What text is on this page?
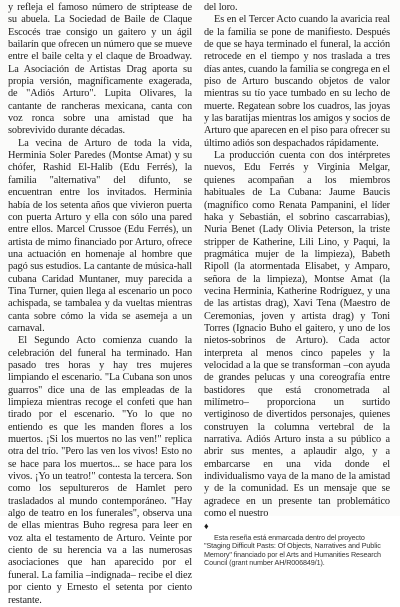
y refleja el famoso número de striptease de su abuela. La Sociedad de Baile de Claque Escocés trae consigo un gaitero y un ágil bailarín que ofrecen un número que se mueve entre el baile celta y el claque de Broadway. La Asociación de Artistas Drag aporta su propia versión, magníficamente exagerada, de "Adiós Arturo". Lupita Olivares, la cantante de rancheras mexicana, canta con voz ronca sobre una amistad que ha sobrevivido durante décadas.

La vecina de Arturo de toda la vida, Herminia Soler Paredes (Montse Amat) y su chófer, Rashid El-Halib (Edu Ferrés), la familia "alternativa" del difunto, se encuentran entre los invitados. Herminia había de los setenta años que vivieron puerta con puerta Arturo y ella con sólo una pared entre ellos. Marcel Crussoe (Edu Ferrés), un artista de mimo financiado por Arturo, ofrece una actuación en homenaje al hombre que pagó sus estudios. La cantante de música-hall cubana Caridad Muntaner, muy parecida a Tina Turner, quien llega al escenario un poco achispada, se tambalea y da vueltas mientras canta sobre cómo la vida se asemeja a un carnaval.

El Segundo Acto comienza cuando la celebración del funeral ha terminado. Han pasado tres horas y hay tres mujeres limpiando el escenario. "La Cubana son unos guarros" dice una de las empleadas de la limpieza mientras recoge el confeti que han tirado por el escenario. "Yo lo que no entiendo es que les manden flores a los muertos. ¡Si los muertos no las ven!" replica otra del trío. "Pero las ven los vivos! Esto no se hace para los muertos... se hace para los vivos. ¡Yo un teatro!" contesta la tercera. Son como los sepultureros de Hamlet pero trasladados al mundo contemporáneo. "Hay algo de teatro en los funerales", observa una de ellas mientras Buho regresa para leer en voz alta el testamento de Arturo. Veinte por ciento de su herencia va a las numerosas asociaciones que han aparecido por el funeral. La familia –indignada– recibe el diez por ciento y Ernesto el setenta por ciento restante.

del loro.

Es en el Tercer Acto cuando la avaricia real de la familia se pone de manifiesto. Después de que se haya terminado el funeral, la acción retrocede en el tiempo y nos traslada a tres días antes, cuando la familia se congrega en el piso de Arturo buscando objetos de valor mientras su tío yace tumbado en su lecho de muerte. Regatean sobre los cuadros, las joyas y las baratijas mientras los amigos y socios de Arturo que aparecen en el piso para ofrecer su último adiós son despachados rápidamente.

La producción cuenta con dos intérpretes nuevos, Edu Ferrés y Virginia Melgar, quienes acompañan a los miembros habituales de La Cubana: Jaume Baucis (magnífico como Renata Pampanini, el líder haka y Sebastián, el sobrino cascarrabias), Nuria Benet (Lady Olivia Peterson, la triste stripper de Katherine, Lili Lino, y Paqui, la pragmática mujer de la limpieza), Babeth Ripoll (la atormentada Elisabet, y Amparo, señora de la limpieza), Montse Amat (la vecina Herminia, Katherine Rodríguez, y una de las artistas drag), Xavi Tena (Maestro de Ceremonias, joven y artista drag) y Toni Torres (Ignacio Buho el gaitero, y uno de los nietos-sobrinos de Arturo). Cada actor interpreta al menos cinco papeles y la velocidad a la que se transforman –con ayuda de grandes pelucas y una coreografía entre bastidores que está cronometrada al milímetro– proporciona un surtido vertiginoso de divertidos personajes, quienes construyen la columna vertebral de la narrativa. Adiós Arturo insta a su público a abrir sus mentes, a aplaudir algo, y a embarcarse en una vida donde el individualismo vaya de la mano de la amistad y de la comunidad. Es un mensaje que se agradece en un presente tan problemático como el nuestro

♦

Esta reseña está enmarcada dentro del proyecto "Staging Difficult Pasts: Of Objects, Narratives and Public Memory" financiado por el Arts and Humanities Research Council (grant number AH/R006849/1).
